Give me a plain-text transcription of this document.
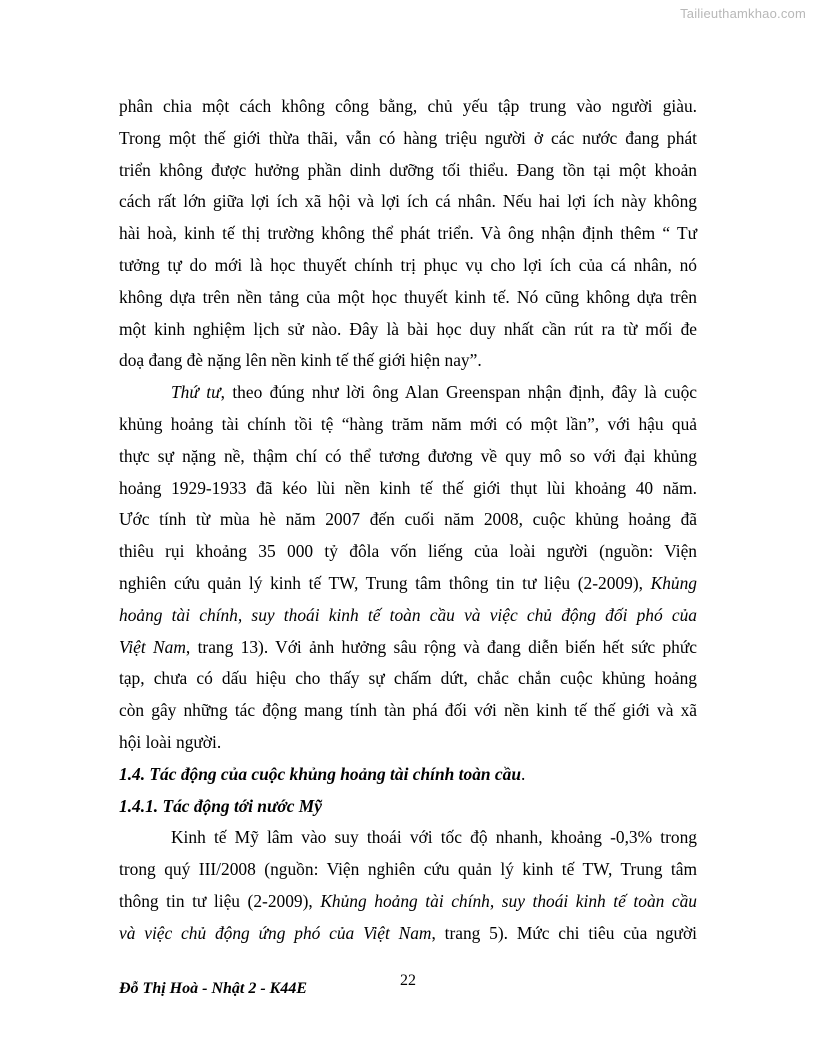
Tailieuthamkhao.com
phân chia một cách không công bằng, chủ yếu tập trung vào người giàu.
Trong một thế giới thừa thãi, vẫn có hàng triệu người ở các nước đang phát
triển không được hưởng phần dinh dưỡng tối thiểu. Đang tồn tại một khoản
cách rất lớn giữa lợi ích xã hội và lợi ích cá nhân. Nếu hai lợi ích này không
hài hoà, kinh tế thị trường không thể phát triển. Và ông nhận định thêm “ Tư
tưởng tự do mới là học thuyết chính trị phục vụ cho lợi ích của cá nhân, nó
không dựa trên nền tảng của một học thuyết kinh tế. Nó cũng không dựa trên
một kinh nghiệm lịch sử nào. Đây là bài học duy nhất cần rút ra từ mối đe
doạ đang đè nặng lên nền kinh tế thế giới hiện nay”.
Thứ tư, theo đúng như lời ông Alan Greenspan nhận định, đây là cuộc
khủng hoảng tài chính tồi tệ “hàng trăm năm mới có một lần”, với hậu quả
thực sự nặng nề, thậm chí có thể tương đương về quy mô so với đại khủng
hoảng 1929-1933 đã kéo lùi nền kinh tế thế giới thụt lùi khoảng 40 năm.
Ước tính từ mùa hè năm 2007 đến cuối năm 2008, cuộc khủng hoảng đã
thiêu rụi khoảng 35 000 tỷ đôla vốn liếng của loài người (nguồn: Viện
nghiên cứu quản lý kinh tế TW, Trung tâm thông tin tư liệu (2-2009), Khủng
hoảng tài chính, suy thoái kinh tế toàn cầu và việc chủ động đối phó của
Việt Nam, trang 13). Với ảnh hưởng sâu rộng và đang diễn biến hết sức phức
tạp, chưa có dấu hiệu cho thấy sự chấm dứt, chắc chắn cuộc khủng hoảng
còn gây những tác động mang tính tàn phá đối với nền kinh tế thế giới và xã
hội loài người.
1.4. Tác động của cuộc khủng hoảng tài chính toàn cầu.
1.4.1. Tác động tới nước Mỹ
Kinh tế Mỹ lâm vào suy thoái với tốc độ nhanh, khoảng -0,3% trong
trong quý III/2008 (nguồn: Viện nghiên cứu quản lý kinh tế TW, Trung tâm
thông tin tư liệu (2-2009), Khủng hoảng tài chính, suy thoái kinh tế toàn cầu
và việc chủ động ứng phó của Việt Nam, trang 5). Mức chi tiêu của người
22
Đỗ Thị Hoà - Nhật 2 - K44E
